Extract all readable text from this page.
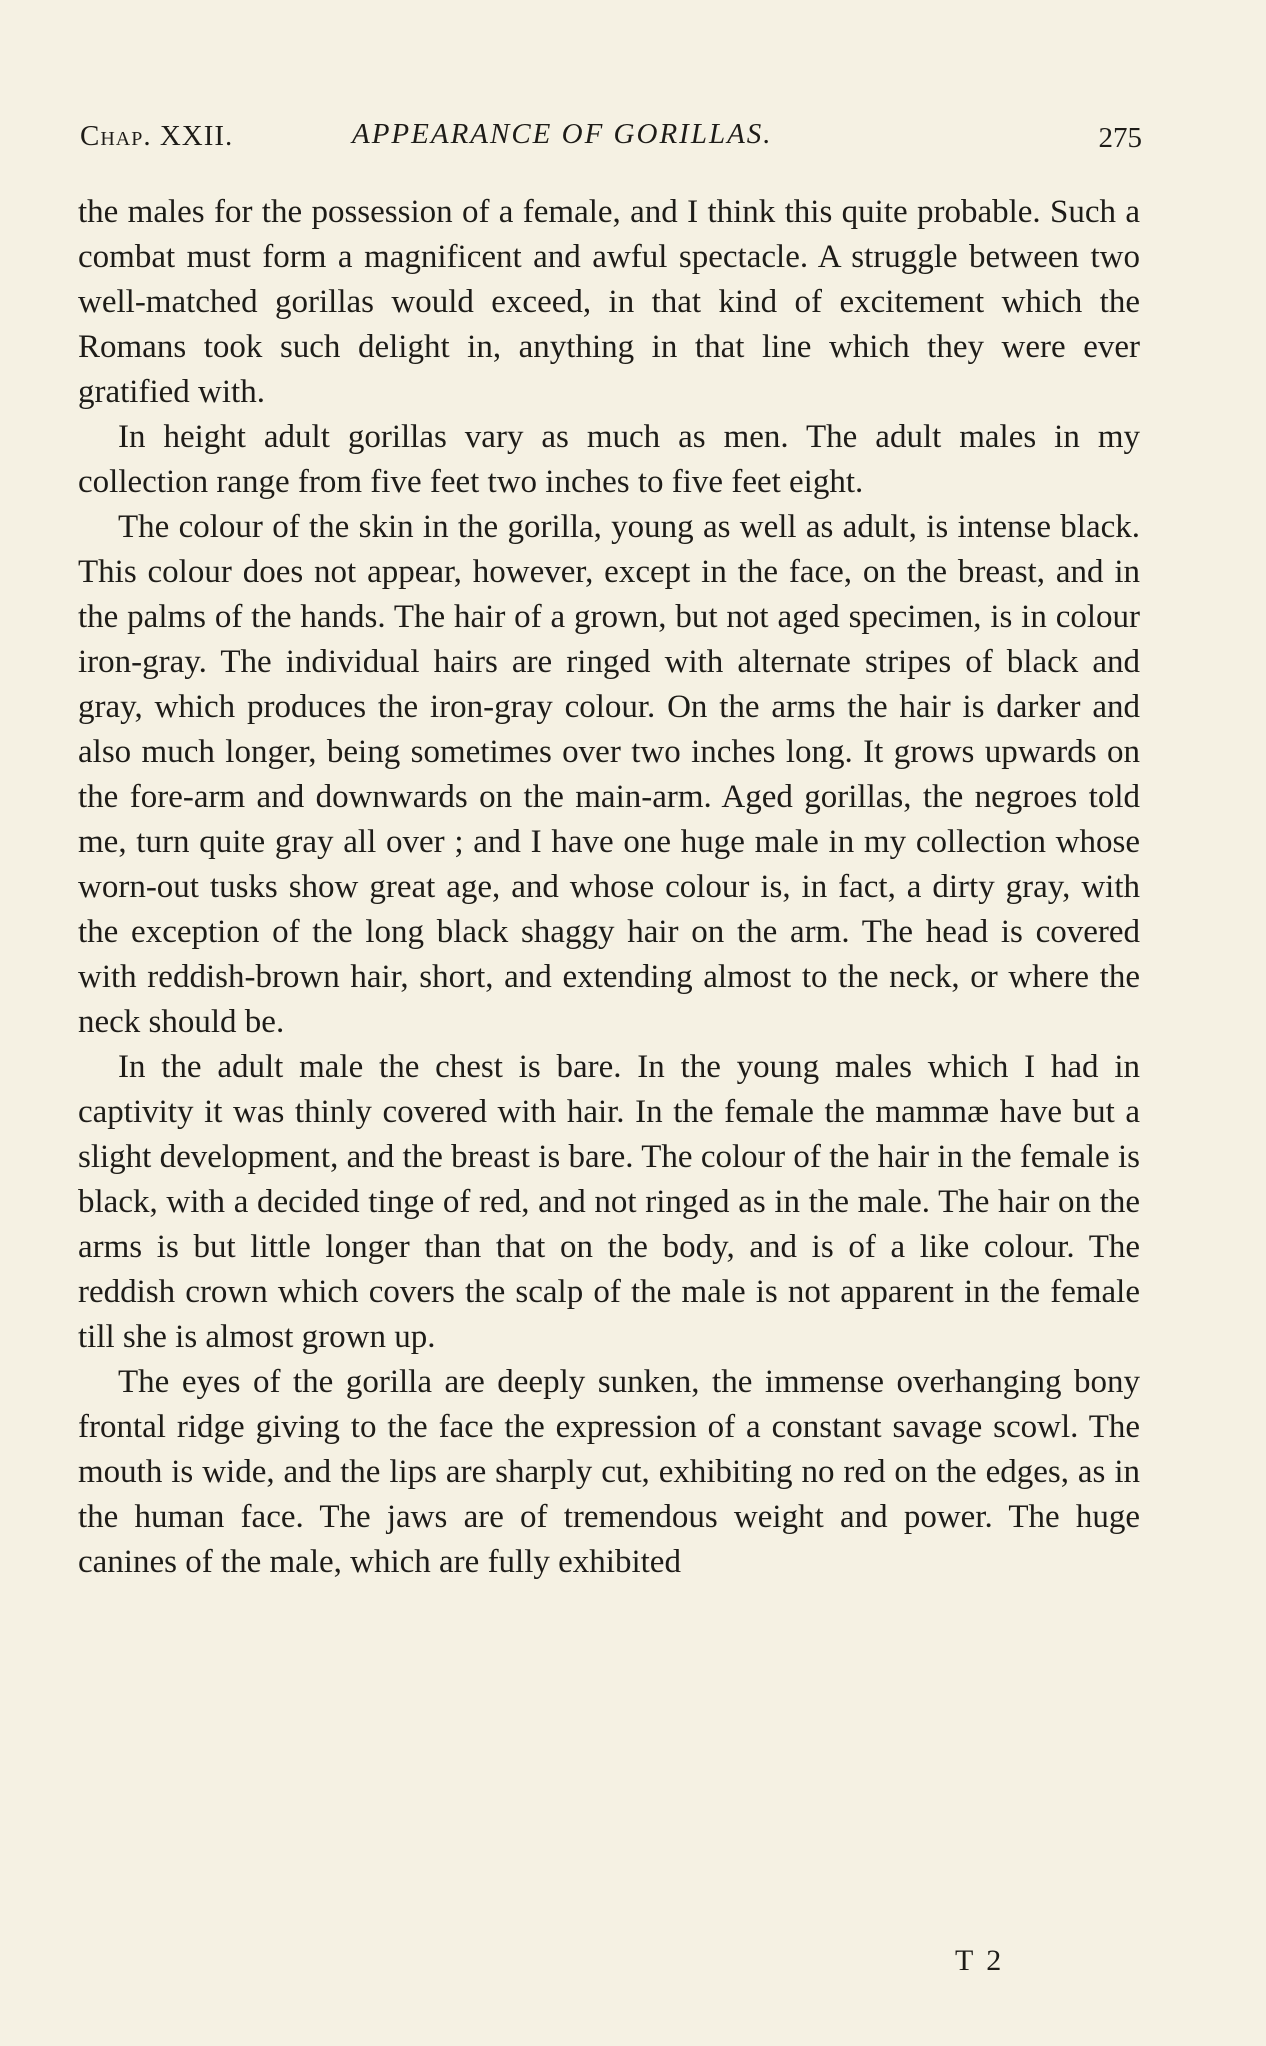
Chap. XXII.	APPEARANCE OF GORILLAS.	275

the males for the possession of a female, and I think this quite probable. Such a combat must form a magnificent and awful spectacle. A struggle between two well-matched gorillas would exceed, in that kind of excitement which the Romans took such delight in, anything in that line which they were ever gratified with.

In height adult gorillas vary as much as men. The adult males in my collection range from five feet two inches to five feet eight.

The colour of the skin in the gorilla, young as well as adult, is intense black. This colour does not appear, however, except in the face, on the breast, and in the palms of the hands. The hair of a grown, but not aged specimen, is in colour iron-gray. The individual hairs are ringed with alternate stripes of black and gray, which produces the iron-gray colour. On the arms the hair is darker and also much longer, being sometimes over two inches long. It grows upwards on the fore-arm and downwards on the main-arm. Aged gorillas, the negroes told me, turn quite gray all over ; and I have one huge male in my collection whose worn-out tusks show great age, and whose colour is, in fact, a dirty gray, with the exception of the long black shaggy hair on the arm. The head is covered with reddish-brown hair, short, and extending almost to the neck, or where the neck should be.

In the adult male the chest is bare. In the young males which I had in captivity it was thinly covered with hair. In the female the mammæ have but a slight development, and the breast is bare. The colour of the hair in the female is black, with a decided tinge of red, and not ringed as in the male. The hair on the arms is but little longer than that on the body, and is of a like colour. The reddish crown which covers the scalp of the male is not apparent in the female till she is almost grown up.

The eyes of the gorilla are deeply sunken, the immense overhanging bony frontal ridge giving to the face the expression of a constant savage scowl. The mouth is wide, and the lips are sharply cut, exhibiting no red on the edges, as in the human face. The jaws are of tremendous weight and power. The huge canines of the male, which are fully exhibited

T 2
